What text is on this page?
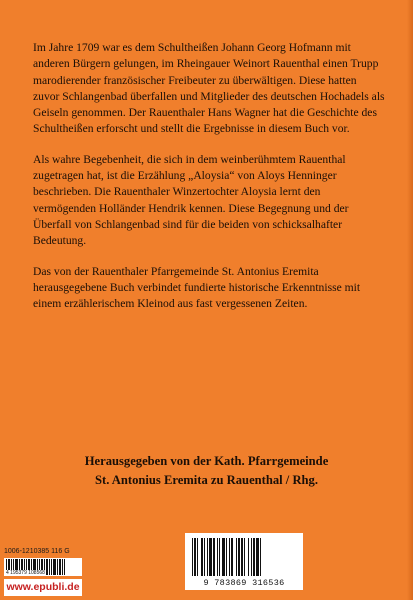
Im Jahre 1709 war es dem Schultheißen Johann Georg Hofmann mit anderen Bürgern gelungen, im Rheingauer Weinort Rauenthal einen Trupp marodierender französischer Freibeuter zu überwältigen. Diese hatten zuvor Schlangenbad überfallen und Mitglieder des deutschen Hochadels als Geiseln genommen. Der Rauenthaler Hans Wagner hat die Geschichte des Schultheißen erforscht und stellt die Ergebnisse in diesem Buch vor.

Als wahre Begebenheit, die sich in dem weinberühmtem Rauenthal zugetragen hat, ist die Erzählung „Aloysia“ von Aloys Henninger beschrieben. Die Rauenthaler Winzertochter Aloysia lernt den vermögenden Holländer Hendrik kennen. Diese Begegnung und der Überfall von Schlangenbad sind für die beiden von schicksalhafter Bedeutung.

Das von der Rauenthaler Pfarrgemeinde St. Antonius Eremita herausgegebene Buch verbindet fundierte historische Erkenntnisse mit einem erzählerischem Kleinod aus fast vergessenen Zeiten.

Herausgegeben von der Kath. Pfarrgemeinde
St. Antonius Eremita zu Rauenthal / Rhg.
1006-1210385 116 G
4 195379 108568
www.epubli.de	9 783869 316536
